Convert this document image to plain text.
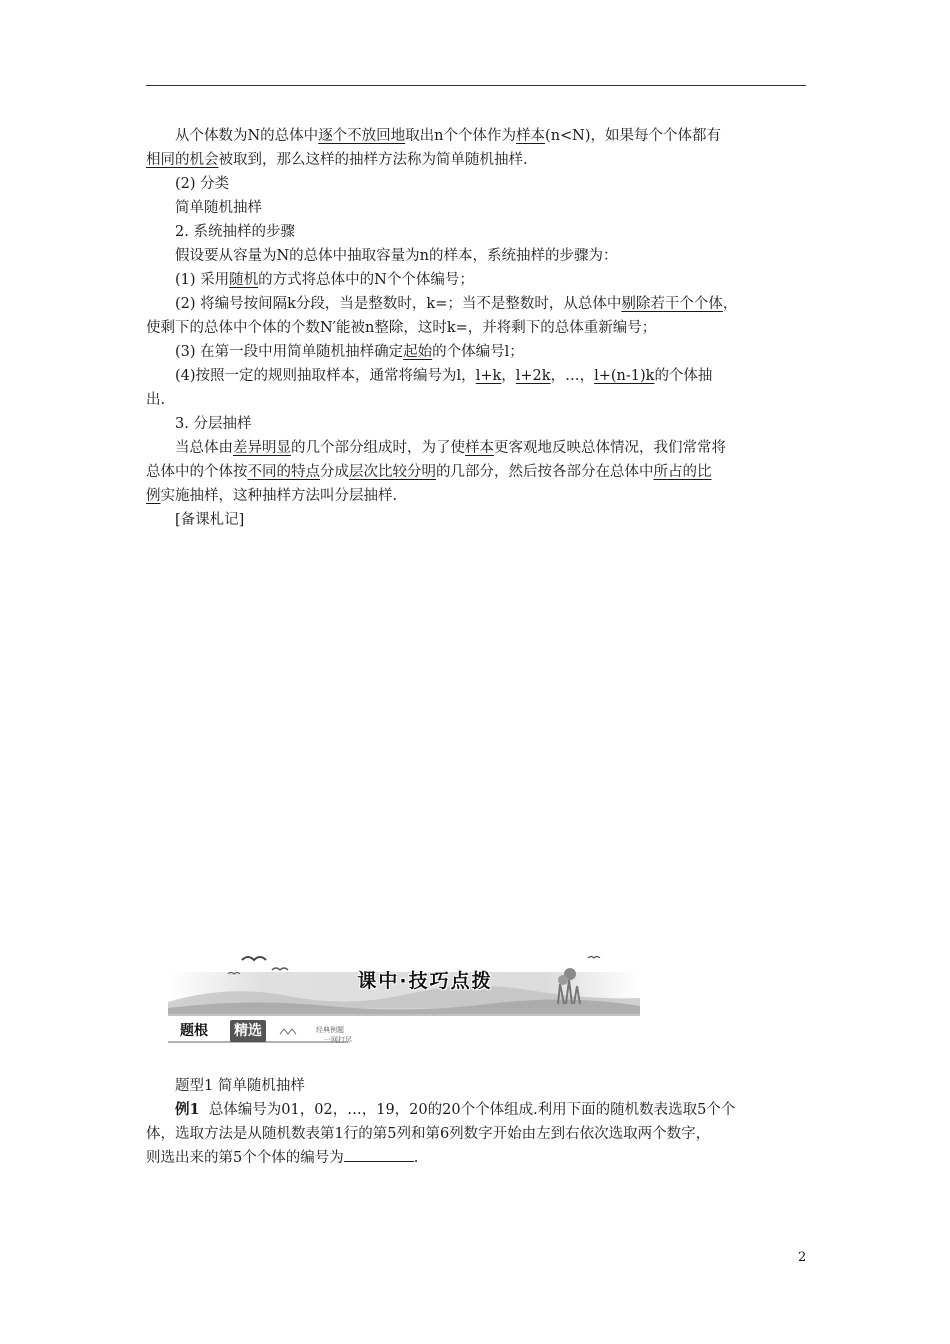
从个体数为N的总体中逐个不放回地取出n个个体作为样本(n<N)，如果每个个体都有
相同的机会被取到，那么这样的抽样方法称为简单随机抽样.

(2) 分类

简单随机抽样

2. 系统抽样的步骤

假设要从容量为N的总体中抽取容量为n的样本，系统抽样的步骤为：

(1) 采用随机的方式将总体中的N个个体编号；

(2) 将编号按间隔k分段，当是整数时，k=；当不是整数时，从总体中剔除若干个个体，

使剩下的总体中个体的个数N′能被n整除，这时k=，并将剩下的总体重新编号；

(3) 在第一段中用简单随机抽样确定起始的个体编号l；

(4)按照一定的规则抽取样本，通常将编号为l，l+k，l+2k，…，l+(n-1)k的个体抽

出.

3. 分层抽样

当总体由差异明显的几个部分组成时，为了使样本更客观地反映总体情况，我们常常将

总体中的个体按不同的特点分成层次比较分明的几部分，然后按各部分在总体中所占的比

例实施抽样，这种抽样方法叫分层抽样.

[备课札记]

课中·技巧点拨
题根 精选	经典例题
一网打尽

题型1 简单随机抽样

例1 总体编号为01，02，…，19，20的20个个体组成.利用下面的随机数表选取5个个

体，选取方法是从随机数表第1行的第5列和第6列数字开始由左到右依次选取两个数字，

则选出来的第5个个体的编号为	.

2
